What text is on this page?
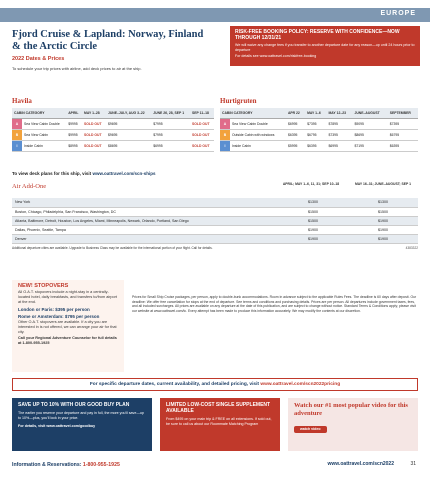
EUROPE
Fjord Cruise & Lapland: Norway, Finland & the Arctic Circle
2022 Dates & Prices
To schedule your trip prices with airline, add deck prices to air at the ship.
RISK-FREE BOOKING POLICY: RESERVE WITH CONFIDENCE—NOW THROUGH 12/31/21
We will waive any change fees if you transfer to another departure date for any reason—up until 24 hours prior to departure
For details see www.oattravel.com/riskfree-booking
Havila
CABIN CATEGORY		APRIL	MAY 1–28	JUNE–JULY, AUG 3–22	JUNE 26, 28, SEP 1	SEP 11–18
A	Sea View Cabin Double	$9995	SOLD OUT	$9695	$7995	SOLD OUT
B	Sea View Cabin	$9995	SOLD OUT	$9695	$7995	SOLD OUT
I	Inside Cabin	$8995	SOLD OUT	$8695	$6995	SOLD OUT
Hurtigruten
CABIN CATEGORY		APR 22	MAY 1–6	MAY 12–23	JUNE–AUGUST	SEPTEMBER
A	Sea View Cabin Double	$6995	$7395	$7895	$9095	$7395
B	Outside Cabin with windows	$6395	$6795	$7395	$8695	$6795
I	Inside Cabin	$5995	$6395	$6995	$7195	$6395
To view deck plans for this ship, visit www.oattravel.com/scn-ships
Air Add-One	APRIL; MAY 1–6, 11, 31; SEP 10–18	MAY 16–31; JUNE–AUGUST; SEP 1
New York	$1300	$1300
Boston, Chicago, Philadelphia, San Francisco, Washington, DC	$1500	$1500
Atlanta, Baltimore, Detroit, Houston, Los Angeles, Miami, Minneapolis, Newark, Orlando, Portland, San Diego	$1500	$1900
Dallas, Phoenix, Seattle, Tampa	$1900	$1900
Denver	$1900	$1900
Additional departure cities are available. Upgrade to Business Class may be available for the international portion of your flight. Call for details.	4383322
NEW! STOPOVERS
All O.A.T. stopovers include a night-stay in a centrally-located hotel, daily breakfasts, and transfers to/from airport at the end.
London or Paris: $395 per person
Rome or Amsterdam: $795 per person
Other O.A.T. stopovers are available. If a city you are interested in is not offered, we can arrange your air for that city.
Call your Regional Adventure Counselor for full details at 1-800-955-1925
Prices for Small Ship Cruise packages, per person, apply to double-bunk accommodations. Room in advance subject to the applicable Rules Fees. The deadline is 60 days after deposit. Our deadline: We offer free cancellation for stops at the end of departure. See terms and conditions and purchasing details. Prices are per person. All departures include government taxes, fees, and all included surcharges. All prices are available on any departure at the date of this publication, and are subject to change without notice. Standard Terms & Conditions apply; please visit our website at www.oattravel.com/tc. Every attempt has been made to produce this information accurately. We may modify the contents at our discretion.
For specific departure dates, current availability, and detailed pricing, visit www.oattravel.com/scn2022pricing
SAVE UP TO 10% WITH OUR GOOD BUY PLAN
The earlier you reserve your departure and pay in full, the more you'll save—up to 10%—plus, you'll lock in your price.
For details, visit www.oattravel.com/goodbuy
LIMITED LOW-COST SINGLE SUPPLEMENT AVAILABLE
From $495 on your main trip & FREE on all extensions. If sold out, be sure to call us about our Roommate Matching Program
Watch our #1 most popular video for this adventure
watch video
Information & Reservations: 1-800-955-1925	www.oattravel.com/scn2022	31
